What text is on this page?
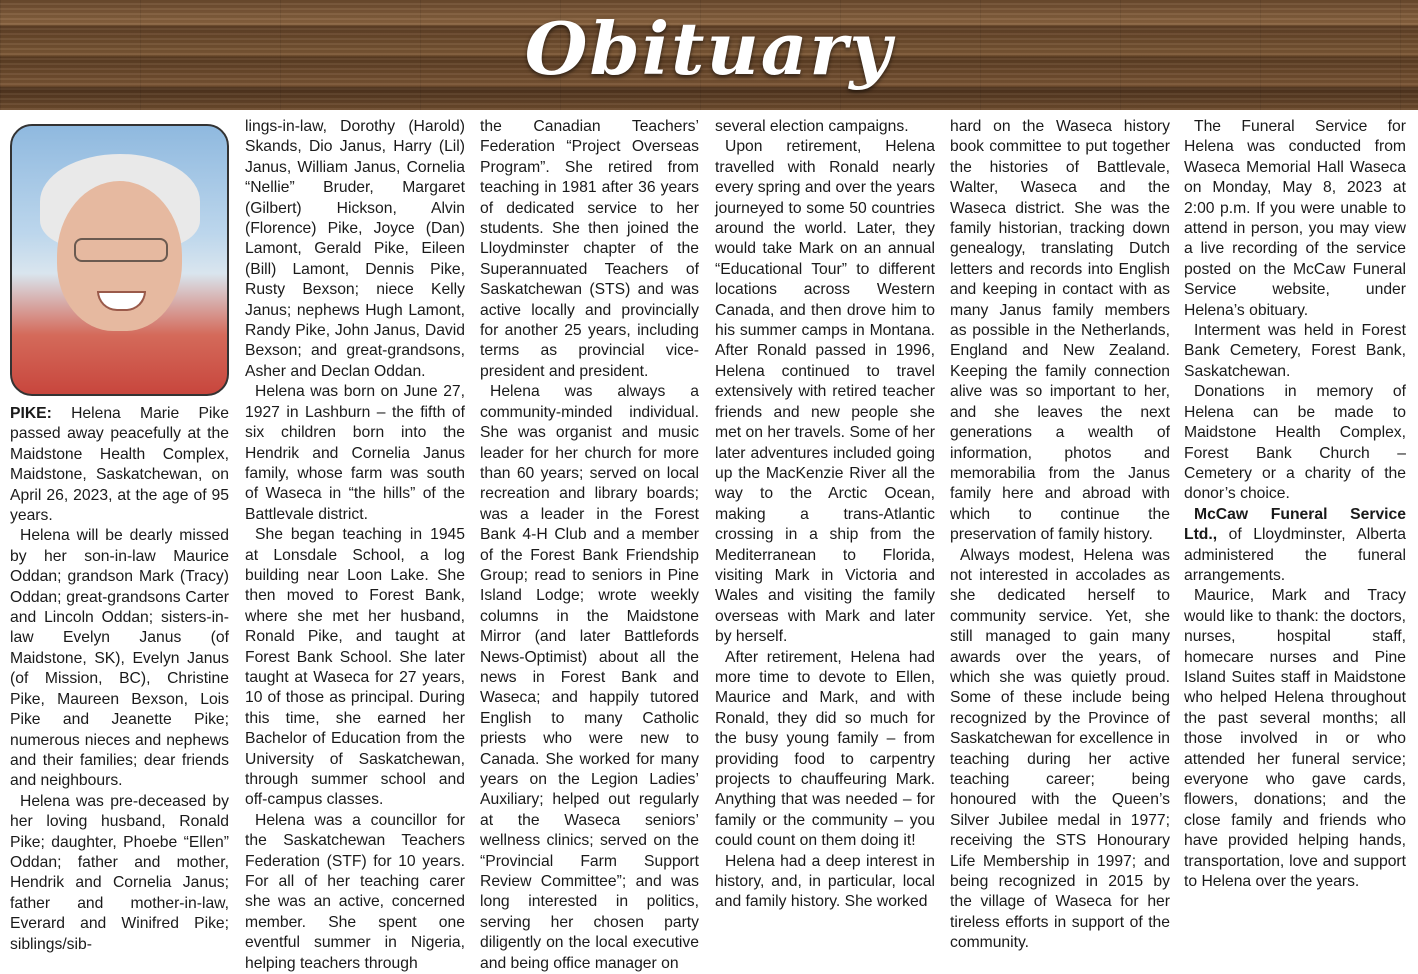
Obituary

PIKE: Helena Marie Pike passed away peacefully at the Maidstone Health Complex, Maidstone, Saskatchewan, on April 26, 2023, at the age of 95 years.

Helena will be dearly missed by her son-in-law Maurice Oddan; grandson Mark (Tracy) Oddan; great-grandsons Carter and Lincoln Oddan; sisters-in-law Evelyn Janus (of Maidstone, SK), Evelyn Janus (of Mission, BC), Christine Pike, Maureen Bexson, Lois Pike and Jeanette Pike; numerous nieces and nephews and their families; dear friends and neighbours.

Helena was pre-deceased by her loving husband, Ronald Pike; daughter, Phoebe “Ellen” Oddan; father and mother, Hendrik and Cornelia Janus; father and mother-in-law, Everard and Winifred Pike; siblings/sib-

lings-in-law, Dorothy (Harold) Skands, Dio Janus, Harry (Lil) Janus, William Janus, Cornelia “Nellie” Bruder, Margaret (Gilbert) Hickson, Alvin (Florence) Pike, Joyce (Dan) Lamont, Gerald Pike, Eileen (Bill) Lamont, Dennis Pike, Rusty Bexson; niece Kelly Janus; nephews Hugh Lamont, Randy Pike, John Janus, David Bexson; and great-grandsons, Asher and Declan Oddan.

Helena was born on June 27, 1927 in Lashburn – the fifth of six children born into the Hendrik and Cornelia Janus family, whose farm was south of Waseca in “the hills” of the Battlevale district.

She began teaching in 1945 at Lonsdale School, a log building near Loon Lake. She then moved to Forest Bank, where she met her husband, Ronald Pike, and taught at Forest Bank School. She later taught at Waseca for 27 years, 10 of those as principal. During this time, she earned her Bachelor of Education from the University of Saskatchewan, through summer school and off-campus classes.

Helena was a councillor for the Saskatchewan Teachers Federation (STF) for 10 years. For all of her teaching carer she was an active, concerned member. She spent one eventful summer in Nigeria, helping teachers through

the Canadian Teachers’ Federation “Project Overseas Program”. She retired from teaching in 1981 after 36 years of dedicated service to her students. She then joined the Lloydminster chapter of the Superannuated Teachers of Saskatchewan (STS) and was active locally and provincially for another 25 years, including terms as provincial vice-president and president.

Helena was always a community-minded individual. She was organist and music leader for her church for more than 60 years; served on local recreation and library boards; was a leader in the Forest Bank 4-H Club and a member of the Forest Bank Friendship Group; read to seniors in Pine Island Lodge; wrote weekly columns in the Maidstone Mirror (and later Battlefords News-Optimist) about all the news in Forest Bank and Waseca; and happily tutored English to many Catholic priests who were new to Canada. She worked for many years on the Legion Ladies’ Auxiliary; helped out regularly at the Waseca seniors’ wellness clinics; served on the “Provincial Farm Support Review Committee”; and was long interested in politics, serving her chosen party diligently on the local executive and being office manager on

several election campaigns.

Upon retirement, Helena travelled with Ronald nearly every spring and over the years journeyed to some 50 countries around the world. Later, they would take Mark on an annual “Educational Tour” to different locations across Western Canada, and then drove him to his summer camps in Montana. After Ronald passed in 1996, Helena continued to travel extensively with retired teacher friends and new people she met on her travels. Some of her later adventures included going up the MacKenzie River all the way to the Arctic Ocean, making a trans-Atlantic crossing in a ship from the Mediterranean to Florida, visiting Mark in Victoria and Wales and visiting the family overseas with Mark and later by herself.

After retirement, Helena had more time to devote to Ellen, Maurice and Mark, and with Ronald, they did so much for the busy young family – from providing food to carpentry projects to chauffeuring Mark. Anything that was needed – for family or the community – you could count on them doing it!

Helena had a deep interest in history, and, in particular, local and family history. She worked

hard on the Waseca history book committee to put together the histories of Battlevale, Walter, Waseca and the Waseca district. She was the family historian, tracking down genealogy, translating Dutch letters and records into English and keeping in contact with as many Janus family members as possible in the Netherlands, England and New Zealand. Keeping the family connection alive was so important to her, and she leaves the next generations a wealth of information, photos and memorabilia from the Janus family here and abroad with which to continue the preservation of family history.

Always modest, Helena was not interested in accolades as she dedicated herself to community service. Yet, she still managed to gain many awards over the years, of which she was quietly proud. Some of these include being recognized by the Province of Saskatchewan for excellence in teaching during her active teaching career; being honoured with the Queen’s Silver Jubilee medal in 1977; receiving the STS Honourary Life Membership in 1997; and being recognized in 2015 by the village of Waseca for her tireless efforts in support of the community.

The Funeral Service for Helena was conducted from Waseca Memorial Hall Waseca on Monday, May 8, 2023 at 2:00 p.m. If you were unable to attend in person, you may view a live recording of the service posted on the McCaw Funeral Service website, under Helena’s obituary.

Interment was held in Forest Bank Cemetery, Forest Bank, Saskatchewan.

Donations in memory of Helena can be made to Maidstone Health Complex, Forest Bank Church – Cemetery or a charity of the donor’s choice.

McCaw Funeral Service Ltd., of Lloydminster, Alberta administered the funeral arrangements.

Maurice, Mark and Tracy would like to thank: the doctors, nurses, hospital staff, homecare nurses and Pine Island Suites staff in Maidstone who helped Helena throughout the past several months; all those involved in or who attended her funeral service; everyone who gave cards, flowers, donations; and the close family and friends who have provided helping hands, transportation, love and support to Helena over the years.
